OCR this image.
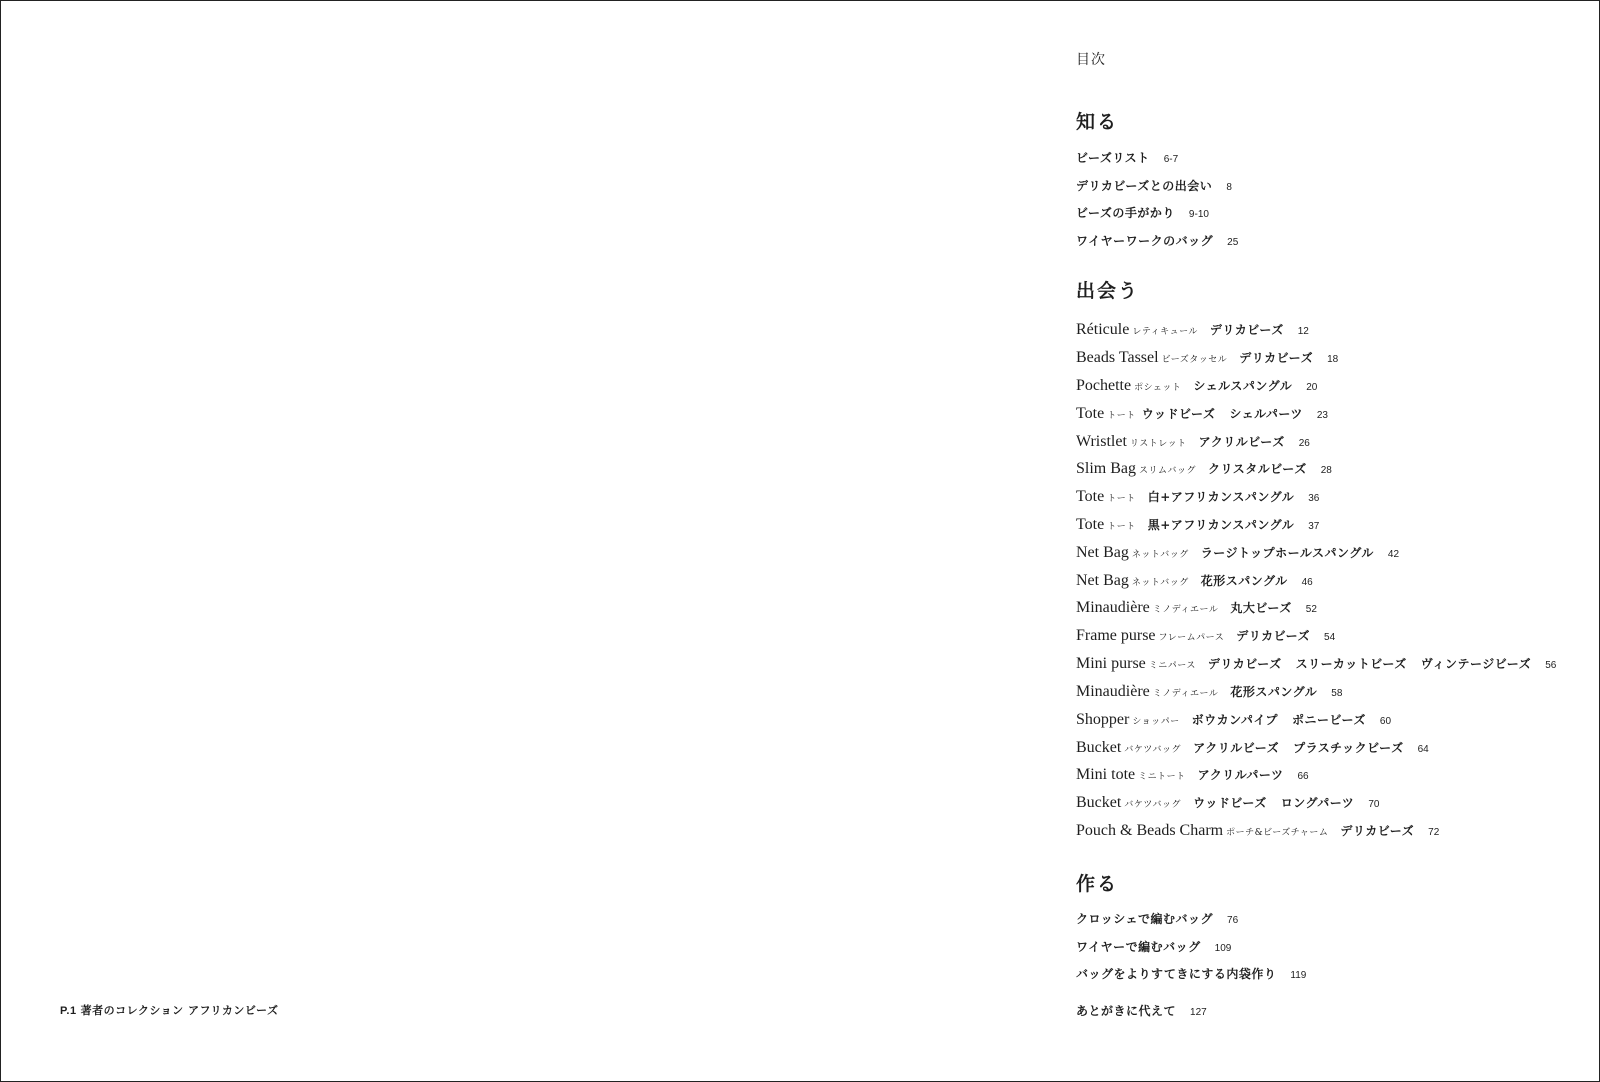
P.1 著者のコレクション アフリカンビーズ
目次
知る
ビーズリスト 6-7
デリカビーズとの出会い 8
ビーズの手がかり 9-10
ワイヤーワークのバッグ 25
出会う
Réticule レティキュール デリカビーズ 12
Beads Tassel ビーズタッセル デリカビーズ 18
Pochette ポシェット シェルスパングル 20
Tote トート ウッドビーズ シェルパーツ 23
Wristlet リストレット アクリルビーズ 26
Slim Bag スリムバッグ クリスタルビーズ 28
Tote トート 白+アフリカンスパングル 36
Tote トート 黒+アフリカンスパングル 37
Net Bag ネットバッグ ラージトップホールスパングル 42
Net Bag ネットバッグ 花形スパングル 46
Minaudière ミノディエール 丸大ビーズ 52
Frame purse フレームパース デリカビーズ 54
Mini purse ミニパース デリカビーズ スリーカットビーズ ヴィンテージビーズ 56
Minaudière ミノディエール 花形スパングル 58
Shopper ショッパー ボウカンパイプ ポニービーズ 60
Bucket バケツバッグ アクリルビーズ プラスチックビーズ 64
Mini tote ミニトート アクリルパーツ 66
Bucket バケツバッグ ウッドビーズ ロングパーツ 70
Pouch & Beads Charm ポーチ&ビーズチャーム デリカビーズ 72
作る
クロッシェで編むバッグ 76
ワイヤーで編むバッグ 109
バッグをよりすてきにする内袋作り 119
あとがきに代えて 127
